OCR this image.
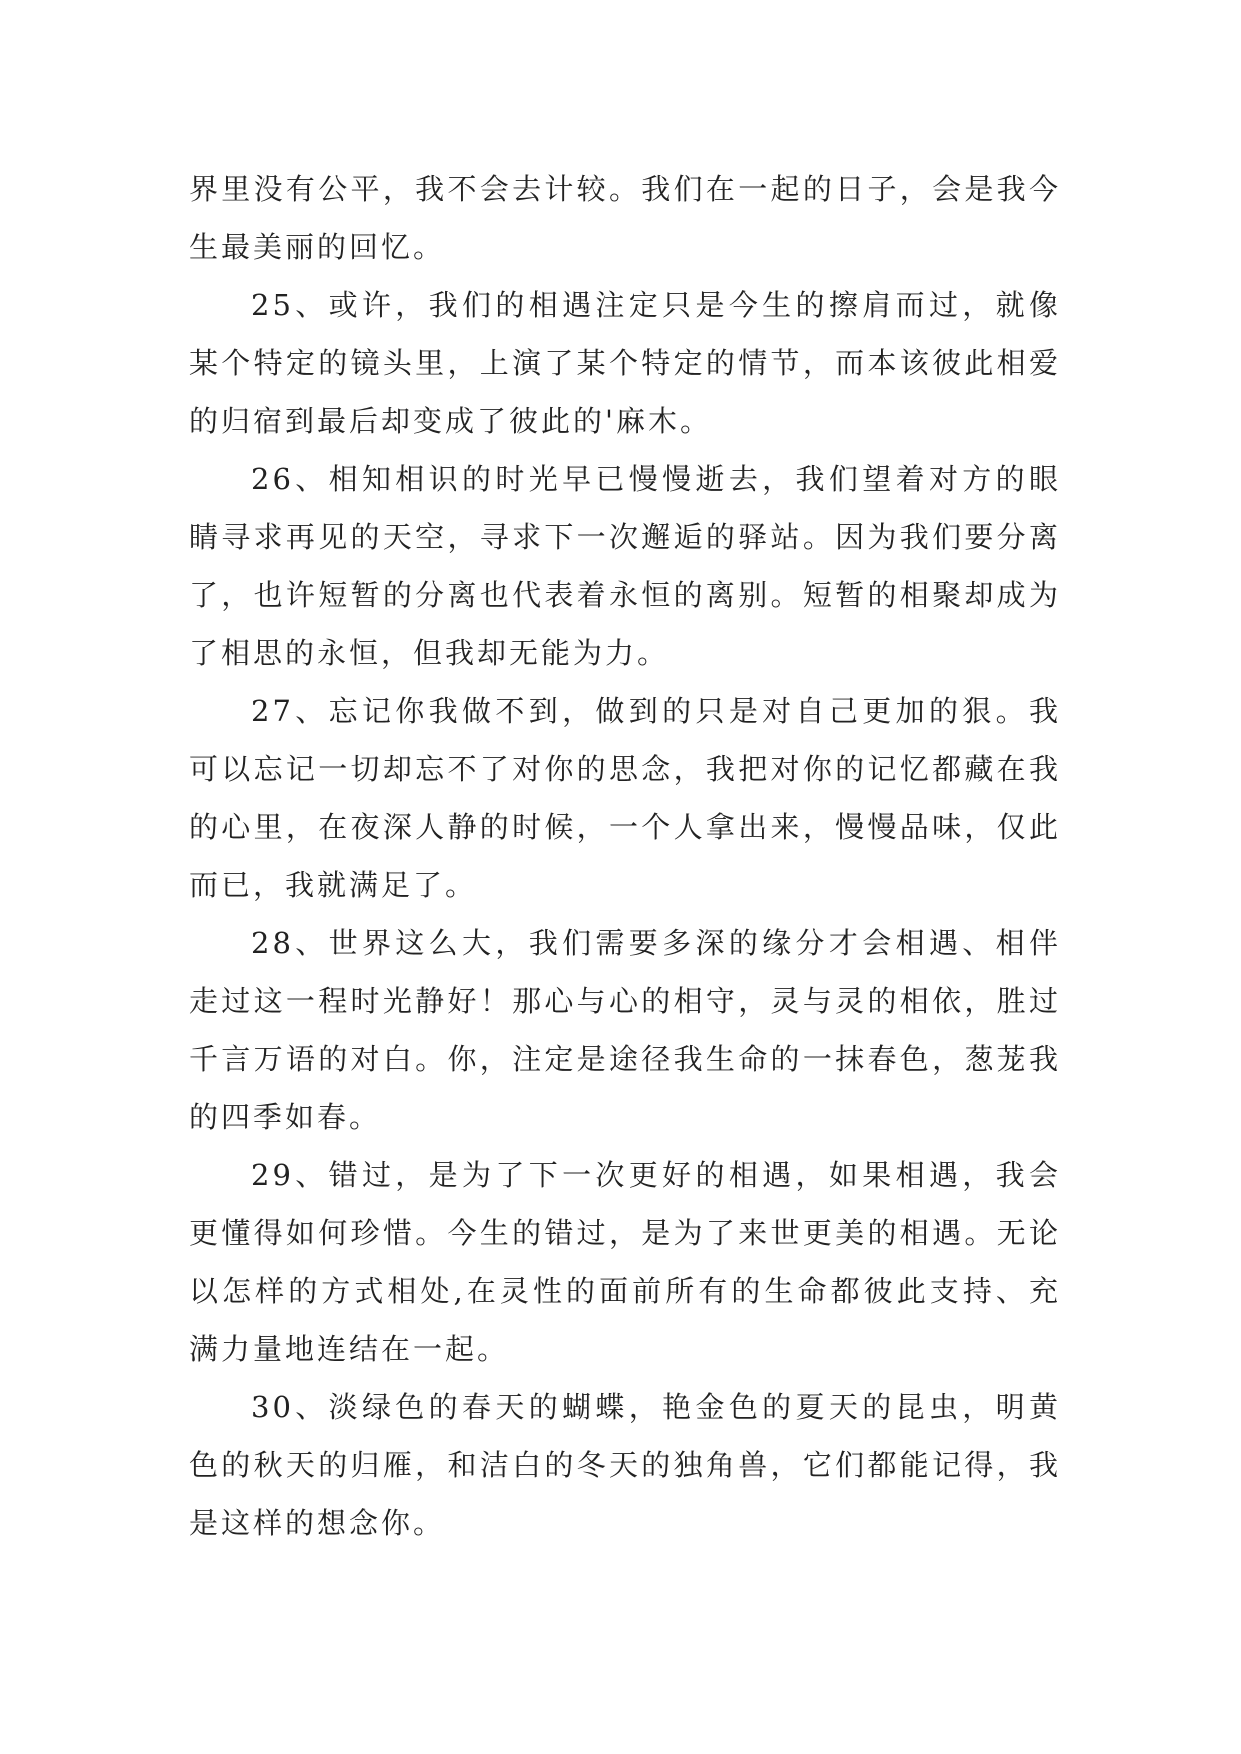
界里没有公平，我不会去计较。我们在一起的日子，会是我今生最美丽的回忆。

25、或许，我们的相遇注定只是今生的擦肩而过，就像某个特定的镜头里，上演了某个特定的情节，而本该彼此相爱的归宿到最后却变成了彼此的'麻木。

26、相知相识的时光早已慢慢逝去，我们望着对方的眼睛寻求再见的天空，寻求下一次邂逅的驿站。因为我们要分离了，也许短暂的分离也代表着永恒的离别。短暂的相聚却成为了相思的永恒，但我却无能为力。

27、忘记你我做不到，做到的只是对自己更加的狠。我可以忘记一切却忘不了对你的思念，我把对你的记忆都藏在我的心里，在夜深人静的时候，一个人拿出来，慢慢品味，仅此而已，我就满足了。

28、世界这么大，我们需要多深的缘分才会相遇、相伴走过这一程时光静好！那心与心的相守，灵与灵的相依，胜过千言万语的对白。你，注定是途径我生命的一抹春色，葱茏我的四季如春。

29、错过，是为了下一次更好的相遇，如果相遇，我会更懂得如何珍惜。今生的错过，是为了来世更美的相遇。无论以怎样的方式相处,在灵性的面前所有的生命都彼此支持、充满力量地连结在一起。

30、淡绿色的春天的蝴蝶，艳金色的夏天的昆虫，明黄色的秋天的归雁，和洁白的冬天的独角兽，它们都能记得，我是这样的想念你。
